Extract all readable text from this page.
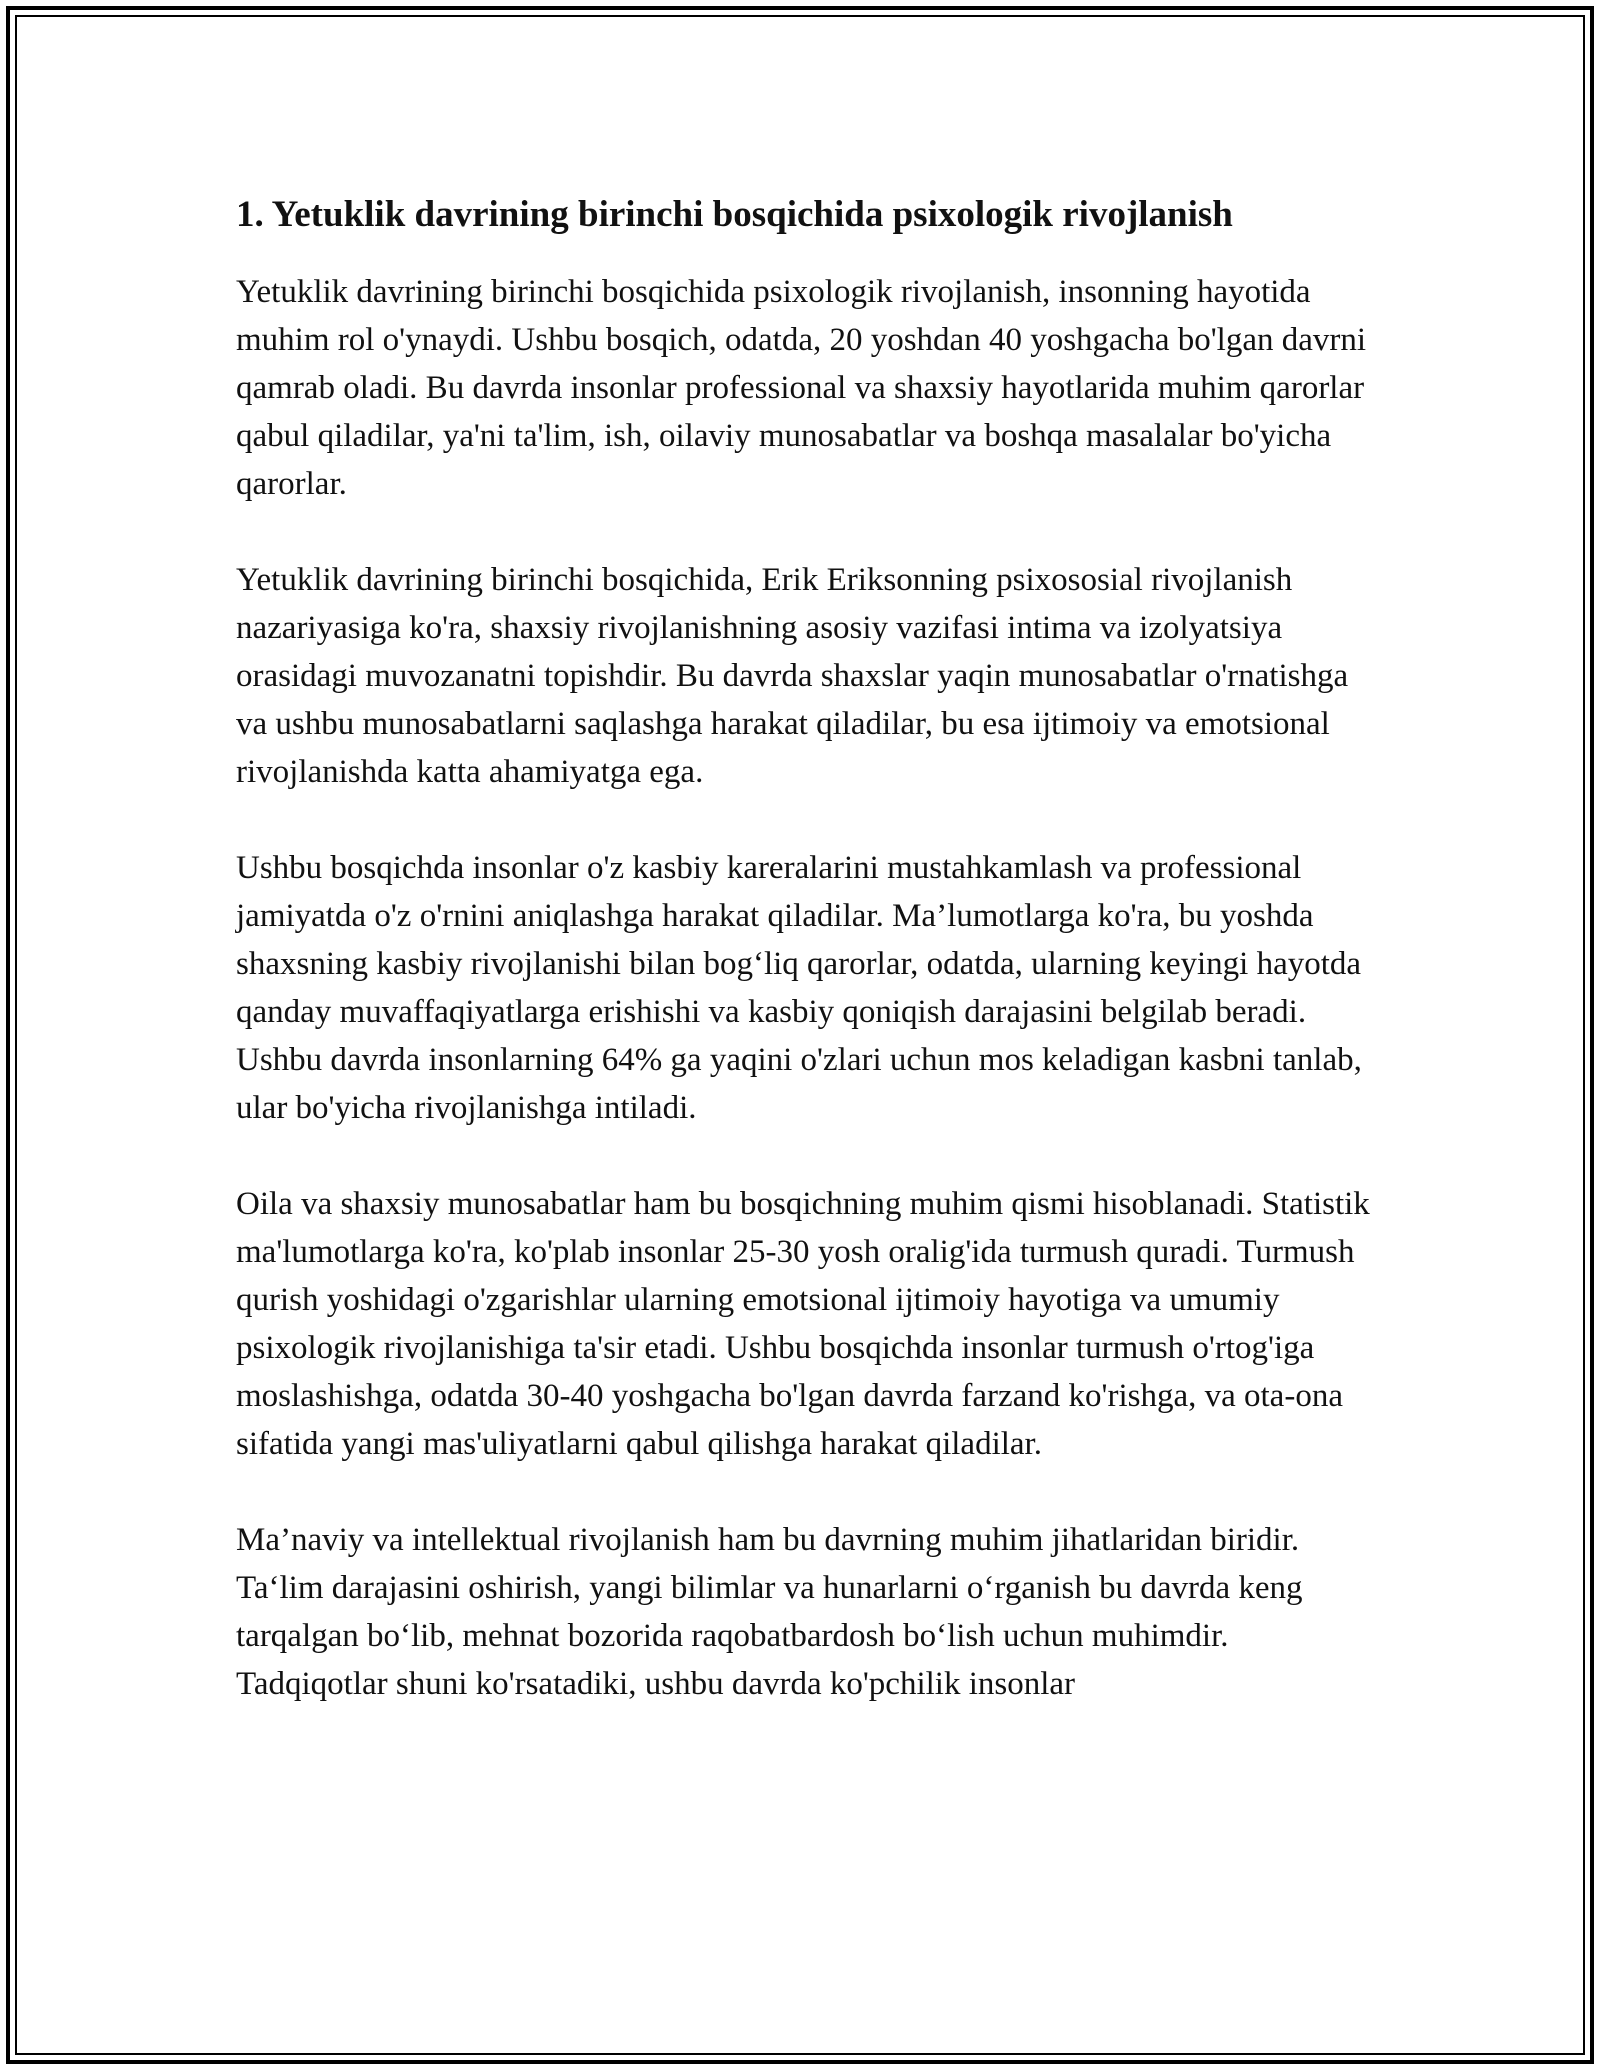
1. Yetuklik davrining birinchi bosqichida psixologik rivojlanish

Yetuklik davrining birinchi bosqichida psixologik rivojlanish, insonning hayotida muhim rol o'ynaydi. Ushbu bosqich, odatda, 20 yoshdan 40 yoshgacha bo'lgan davrni qamrab oladi. Bu davrda insonlar professional va shaxsiy hayotlarida muhim qarorlar qabul qiladilar, ya'ni ta'lim, ish, oilaviy munosabatlar va boshqa masalalar bo'yicha qarorlar.

Yetuklik davrining birinchi bosqichida, Erik Eriksonning psixososial rivojlanish nazariyasiga ko'ra, shaxsiy rivojlanishning asosiy vazifasi intima va izolyatsiya orasidagi muvozanatni topishdir. Bu davrda shaxslar yaqin munosabatlar o'rnatishga va ushbu munosabatlarni saqlashga harakat qiladilar, bu esa ijtimoiy va emotsional rivojlanishda katta ahamiyatga ega.

Ushbu bosqichda insonlar o'z kasbiy kareralarini mustahkamlash va professional jamiyatda o'z o'rnini aniqlashga harakat qiladilar. Ma’lumotlarga ko'ra, bu yoshda shaxsning kasbiy rivojlanishi bilan bog‘liq qarorlar, odatda, ularning keyingi hayotda qanday muvaffaqiyatlarga erishishi va kasbiy qoniqish darajasini belgilab beradi. Ushbu davrda insonlarning 64% ga yaqini o'zlari uchun mos keladigan kasbni tanlab, ular bo'yicha rivojlanishga intiladi.

Oila va shaxsiy munosabatlar ham bu bosqichning muhim qismi hisoblanadi. Statistik ma'lumotlarga ko'ra, ko'plab insonlar 25-30 yosh oralig'ida turmush quradi. Turmush qurish yoshidagi o'zgarishlar ularning emotsional ijtimoiy hayotiga va umumiy psixologik rivojlanishiga ta'sir etadi. Ushbu bosqichda insonlar turmush o'rtog'iga moslashishga, odatda 30-40 yoshgacha bo'lgan davrda farzand ko'rishga, va ota-ona sifatida yangi mas'uliyatlarni qabul qilishga harakat qiladilar.

Ma’naviy va intellektual rivojlanish ham bu davrning muhim jihatlaridan biridir. Ta‘lim darajasini oshirish, yangi bilimlar va hunarlarni o‘rganish bu davrda keng tarqalgan bo‘lib, mehnat bozorida raqobatbardosh bo‘lish uchun muhimdir. Tadqiqotlar shuni ko'rsatadiki, ushbu davrda ko'pchilik insonlar
